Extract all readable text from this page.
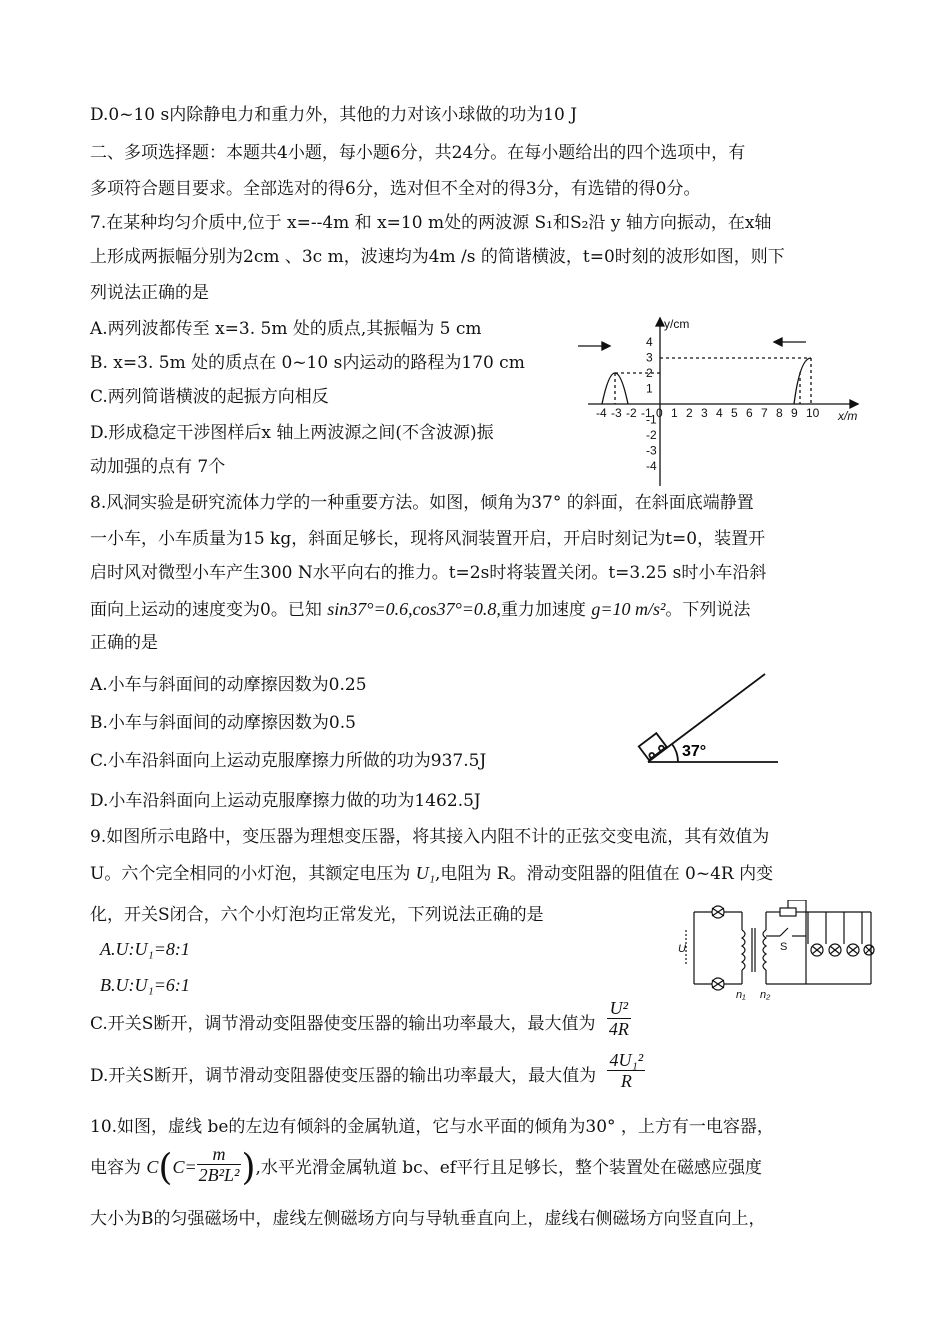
D.0~10 s内除静电力和重力外，其他的力对该小球做的功为10 J
二、多项选择题：本题共4小题，每小题6分，共24分。在每小题给出的四个选项中，有
多项符合题目要求。全部选对的得6分，选对但不全对的得3分，有选错的得0分。
7.在某种均匀介质中,位于 x=--4m 和 x=10 m处的两波源 S₁和S₂沿 y 轴方向振动，在x轴
上形成两振幅分别为2cm 、3c m，波速均为4m /s 的简谐横波，t=0时刻的波形如图，则下
列说法正确的是
A.两列波都传至 x=3. 5m 处的质点,其振幅为 5 cm
B. x=3. 5m 处的质点在 0~10 s内运动的路程为170 cm
C.两列简谐横波的起振方向相反
D.形成稳定干涉图样后x 轴上两波源之间(不含波源)振
动加强的点有 7个
y/cm
x/m
-4 -3 -2 -1 0 1 2 3 4 5 6 7 8 9 10
4
3
2
1
-1
-2
-3
-4
8.风洞实验是研究流体力学的一种重要方法。如图，倾角为37° 的斜面，在斜面底端静置
一小车，小车质量为15 kg，斜面足够长，现将风洞装置开启，开启时刻记为t=0，装置开
启时风对微型小车产生300 N水平向右的推力。t=2s时将装置关闭。t=3.25 s时小车沿斜
面向上运动的速度变为0。已知 sin37°=0.6,cos37°=0.8,重力加速度 g=10 m/s²。下列说法
正确的是
A.小车与斜面间的动摩擦因数为0.25
B.小车与斜面间的动摩擦因数为0.5
C.小车沿斜面向上运动克服摩擦力所做的功为937.5J
D.小车沿斜面向上运动克服摩擦力做的功为1462.5J
37°
9.如图所示电路中，变压器为理想变压器，将其接入内阻不计的正弦交变电流，其有效值为
U。六个完全相同的小灯泡，其额定电压为 U₁,电阻为 R。滑动变阻器的阻值在 0~4R 内变
化，开关S闭合，六个小灯泡均正常发光，下列说法正确的是
A.U:U₁=8:1
B.U:U₁=6:1
C.开关S断开，调节滑动变阻器使变压器的输出功率最大，最大值为 $\frac{\text{U²}}{4R}$
D.开关S断开，调节滑动变阻器使变压器的输出功率最大，最大值为 $\frac{\text{4U₁²}}{R}$
U	S
n₁ n₂
10.如图，虚线 be的左边有倾斜的金属轨道，它与水平面的倾角为30° ，上方有一电容器，
电容为 $C(C= \frac{m}{\text{2B²L²}}$ ),水平光滑金属轨道 bc、ef平行且足够长，整个装置处在磁感应强度
大小为B的匀强磁场中，虚线左侧磁场方向与导轨垂直向上，虚线右侧磁场方向竖直向上，
